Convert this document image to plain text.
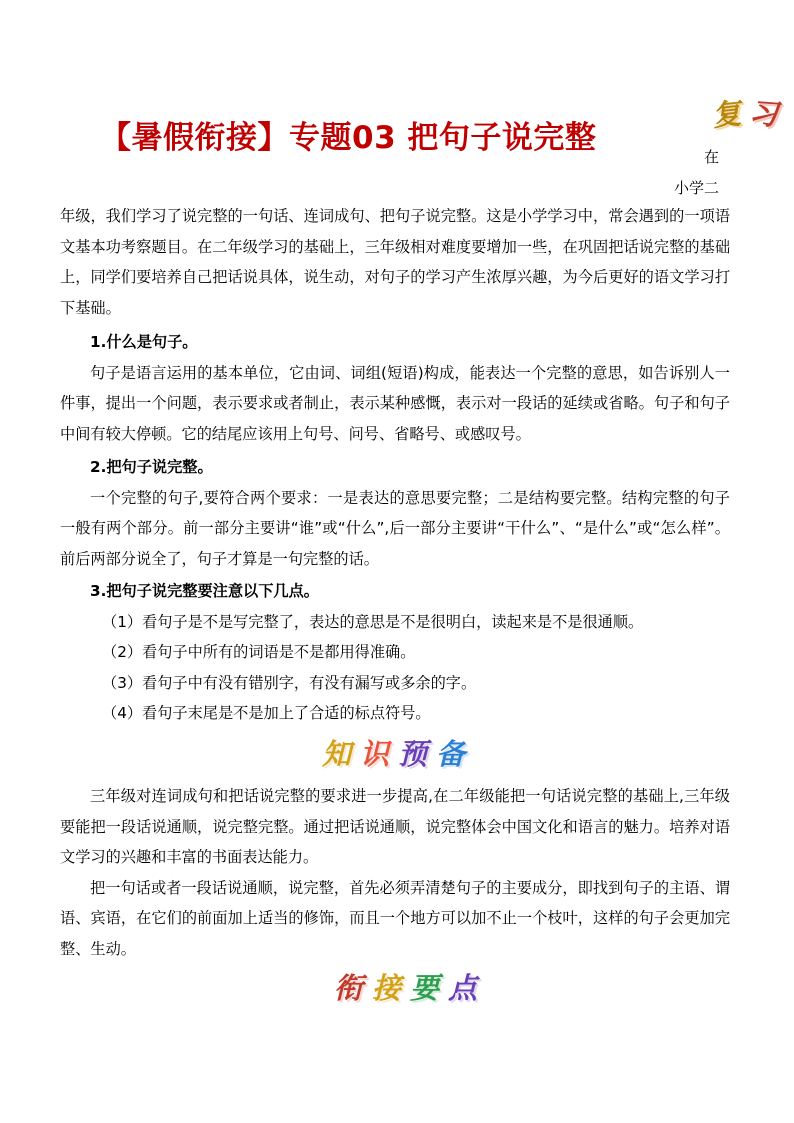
【暑假衔接】专题03 把句子说完整
复习
在
小学二

年级，我们学习了说完整的一句话、连词成句、把句子说完整。这是小学学习中，常会遇到的一项语文基本功考察题目。在二年级学习的基础上，三年级相对难度要增加一些，在巩固把话说完整的基础上，同学们要培养自己把话说具体，说生动，对句子的学习产生浓厚兴趣，为今后更好的语文学习打下基础。

1.什么是句子。

句子是语言运用的基本单位，它由词、词组(短语)构成，能表达一个完整的意思，如告诉别人一件事，提出一个问题，表示要求或者制止，表示某种感慨，表示对一段话的延续或省略。句子和句子中间有较大停顿。它的结尾应该用上句号、问号、省略号、或感叹号。

2.把句子说完整。

一个完整的句子,要符合两个要求：一是表达的意思要完整；二是结构要完整。结构完整的句子一般有两个部分。前一部分主要讲“谁”或“什么”,后一部分主要讲“干什么”、“是什么”或“怎么样”。前后两部分说全了，句子才算是一句完整的话。

3.把句子说完整要注意以下几点。

（1）看句子是不是写完整了，表达的意思是不是很明白，读起来是不是很通顺。

（2）看句子中所有的词语是不是都用得准确。

（3）看句子中有没有错别字，有没有漏写或多余的字。

（4）看句子末尾是不是加上了合适的标点符号。

知识预备

三年级对连词成句和把话说完整的要求进一步提高,在二年级能把一句话说完整的基础上,三年级要能把一段话说通顺，说完整完整。通过把话说通顺，说完整体会中国文化和语言的魅力。培养对语文学习的兴趣和丰富的书面表达能力。

把一句话或者一段话说通顺，说完整，首先必须弄清楚句子的主要成分，即找到句子的主语、谓语、宾语，在它们的前面加上适当的修饰，而且一个地方可以加不止一个枝叶，这样的句子会更加完整、生动。

衔接要点
